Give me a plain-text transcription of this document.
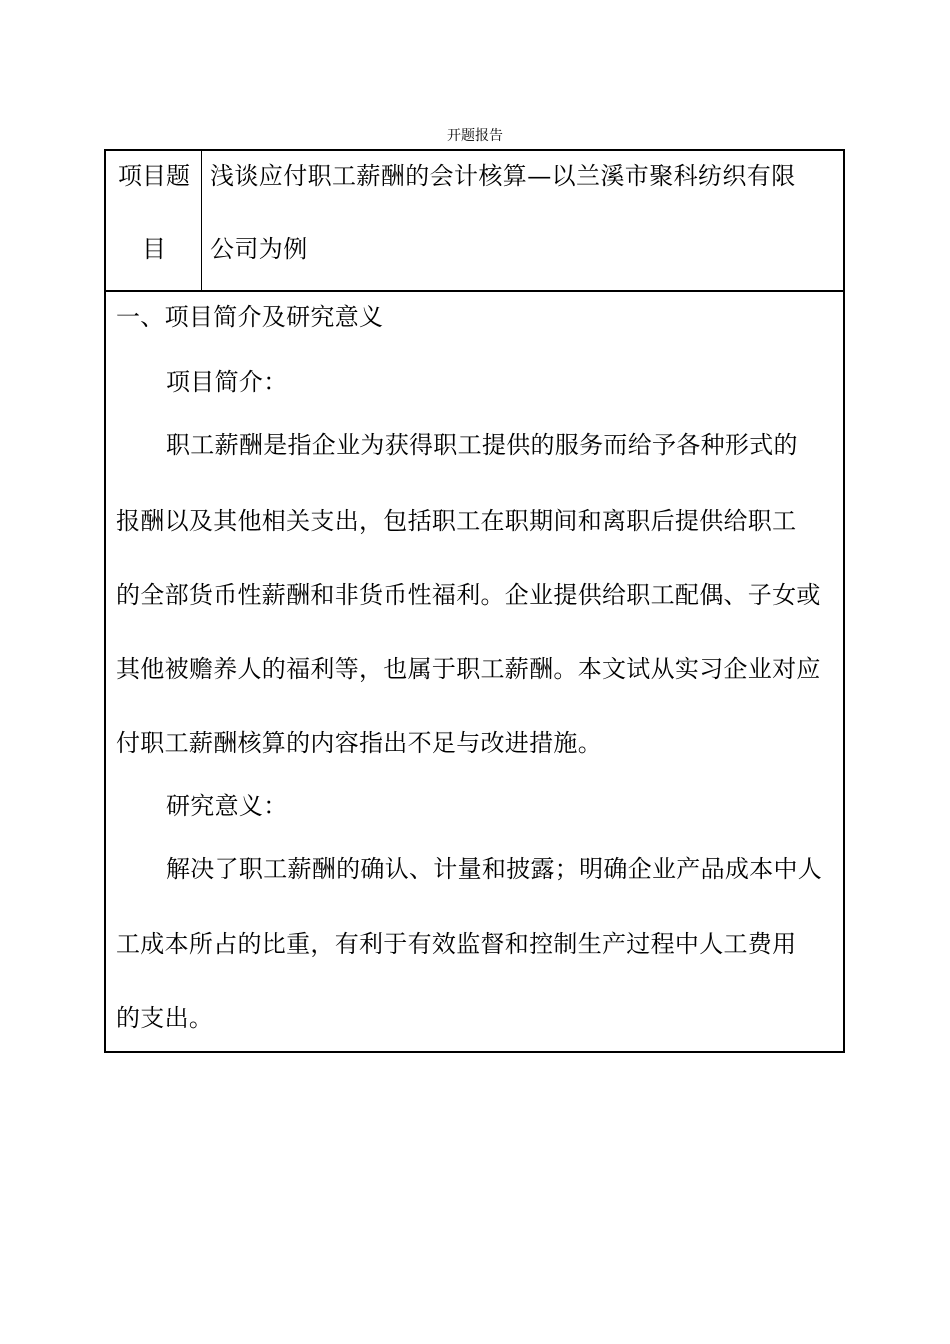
开题报告
项目题
目
浅谈应付职工薪酬的会计核算—以兰溪市聚科纺织有限
公司为例
一、项目简介及研究意义
项目简介：
职工薪酬是指企业为获得职工提供的服务而给予各种形式的
报酬以及其他相关支出，包括职工在职期间和离职后提供给职工
的全部货币性薪酬和非货币性福利。企业提供给职工配偶、子女或
其他被赡养人的福利等，也属于职工薪酬。本文试从实习企业对应
付职工薪酬核算的内容指出不足与改进措施。
研究意义：
解决了职工薪酬的确认、计量和披露；明确企业产品成本中人
工成本所占的比重，有利于有效监督和控制生产过程中人工费用
的支出。
